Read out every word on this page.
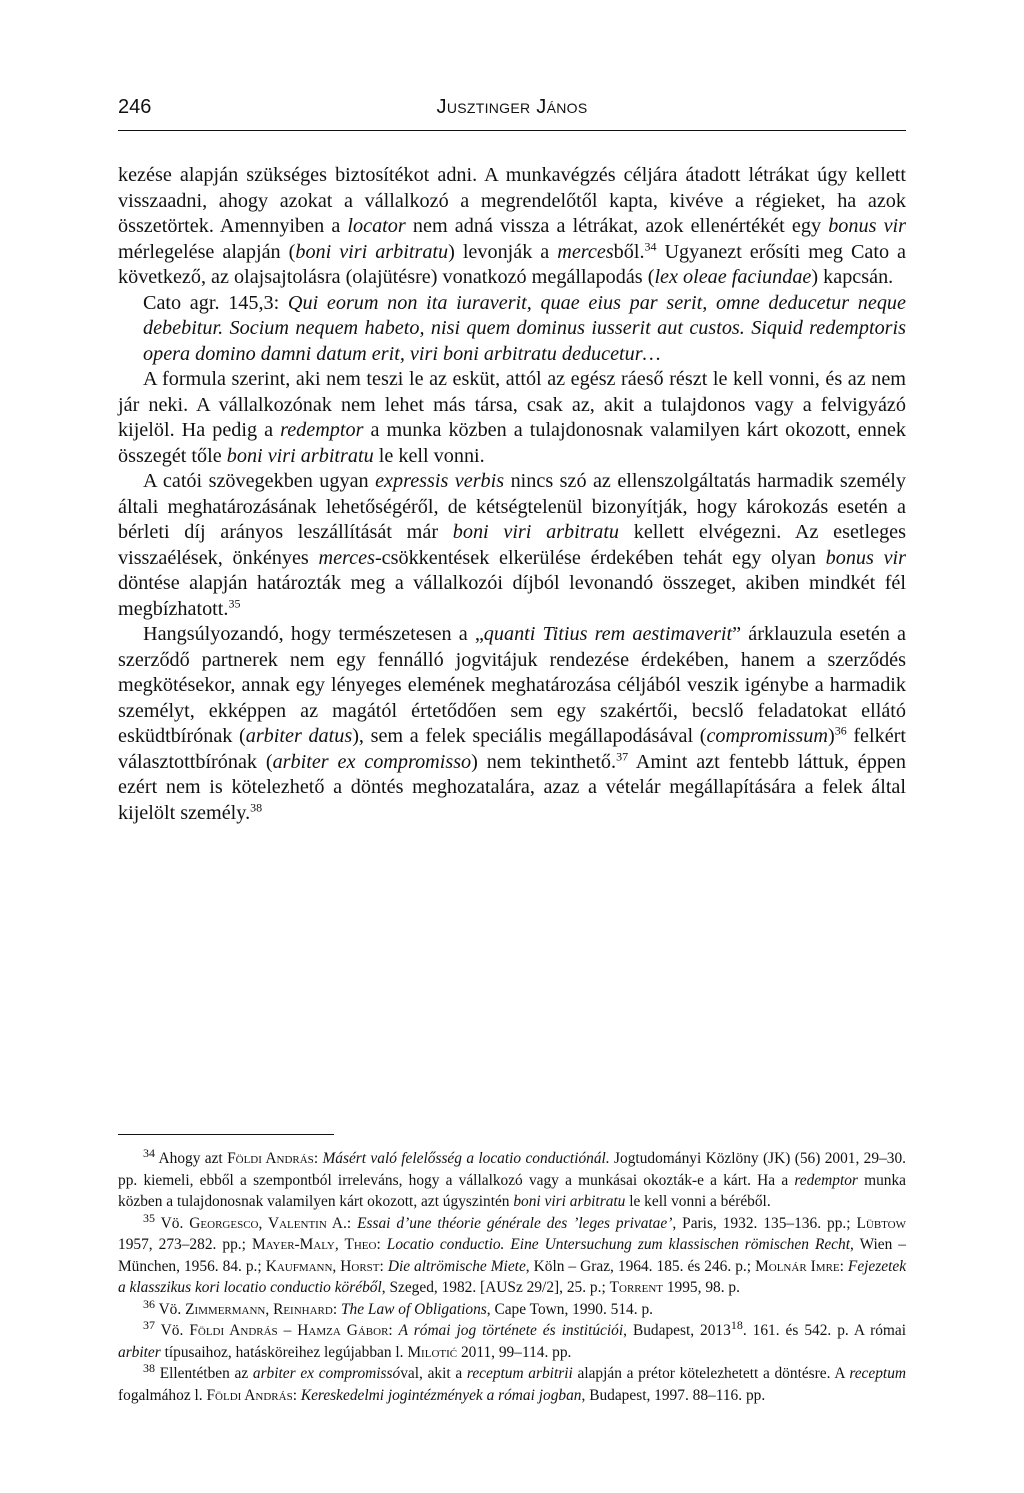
246	Jusztinger János

kezése alapján szükséges biztosítékot adni. A munkavégzés céljára átadott létrákat úgy kellett visszaadni, ahogy azokat a vállalkozó a megrendelőtől kapta, kivéve a régieket, ha azok összetörtek. Amennyiben a locator nem adná vissza a létrákat, azok ellenértékét egy bonus vir mérlegelése alapján (boni viri arbitratu) levonják a mercesből.$^{34}$ Ugyanezt erősíti meg Cato a következő, az olajsajtolásra (olajütésre) vonatkozó megállapodás (lex oleae faciundae) kapcsán.

Cato agr. 145,3: Qui eorum non ita iuraverit, quae eius par serit, omne deducetur neque debebitur. Socium nequem habeto, nisi quem dominus iusserit aut custos. Siquid redemptoris opera domino damni datum erit, viri boni arbitratu deducetur…

A formula szerint, aki nem teszi le az esküt, attól az egész ráeső részt le kell vonni, és az nem jár neki. A vállalkozónak nem lehet más társa, csak az, akit a tulajdonos vagy a felvigyázó kijelöl. Ha pedig a redemptor a munka közben a tulajdonosnak valamilyen kárt okozott, ennek összegét tőle boni viri arbitratu le kell vonni.

A catói szövegekben ugyan expressis verbis nincs szó az ellenszolgáltatás harmadik személy általi meghatározásának lehetőségéről, de kétségtelenül bizonyítják, hogy károkozás esetén a bérleti díj arányos leszállítását már boni viri arbitratu kellett elvégezni. Az esetleges visszaélések, önkényes merces-csökkentések elkerülése érdekében tehát egy olyan bonus vir döntése alapján határozták meg a vállalkozói díjból levonandó összeget, akiben mindkét fél megbízhatott.$^{35}$

Hangsúlyozandó, hogy természetesen a „quanti Titius rem aestimaverit” árklauzula esetén a szerződő partnerek nem egy fennálló jogvitájuk rendezése érdekében, hanem a szerződés megkötésekor, annak egy lényeges elemének meghatározása céljából veszik igénybe a harmadik személyt, ekképpen az magától értetődően sem egy szakértői, becslő feladatokat ellátó esküdtbírónak (arbiter datus), sem a felek speciális megállapodásával (compromissum)$^{36}$ felkért választottbírónak (arbiter ex compromisso) nem tekinthető.$^{37}$ Amint azt fentebb láttuk, éppen ezért nem is kötelezhető a döntés meghozatalára, azaz a vételár megállapítására a felek által kijelölt személy.$^{38}$

$^{34}$ Ahogy azt Földi András: Másért való felelősség a locatio conductiónál. Jogtudományi Közlöny (JK) (56) 2001, 29–30. pp. kiemeli, ebből a szempontból irreleváns, hogy a vállalkozó vagy a munkásai okozták-e a kárt. Ha a redemptor munka közben a tulajdonosnak valamilyen kárt okozott, azt úgyszintén boni viri arbitratu le kell vonni a béréből.

$^{35}$ Vö. Georgesco, Valentin A.: Essai d’une théorie générale des ’leges privatae’, Paris, 1932. 135–136. pp.; Lübtow 1957, 273–282. pp.; Mayer-Maly, Theo: Locatio conductio. Eine Untersuchung zum klassischen römischen Recht, Wien – München, 1956. 84. p.; Kaufmann, Horst: Die altrömische Miete, Köln – Graz, 1964. 185. és 246. p.; Molnár Imre: Fejezetek a klasszikus kori locatio conductio köréből, Szeged, 1982. [AUSz 29/2], 25. p.; Torrent 1995, 98. p.

$^{36}$ Vö. Zimmermann, Reinhard: The Law of Obligations, Cape Town, 1990. 514. p.

$^{37}$ Vö. Földi András – Hamza Gábor: A római jog története és institúciói, Budapest, 2013$^{18}$. 161. és 542. p. A római arbiter típusaihoz, hatásköreihez legújabban l. Milotić 2011, 99–114. pp.

$^{38}$ Ellentétben az arbiter ex compromissóval, akit a receptum arbitrii alapján a prétor kötelezhetett a döntésre. A receptum fogalmához l. Földi András: Kereskedelmi jogintézmények a római jogban, Budapest, 1997. 88–116. pp.
